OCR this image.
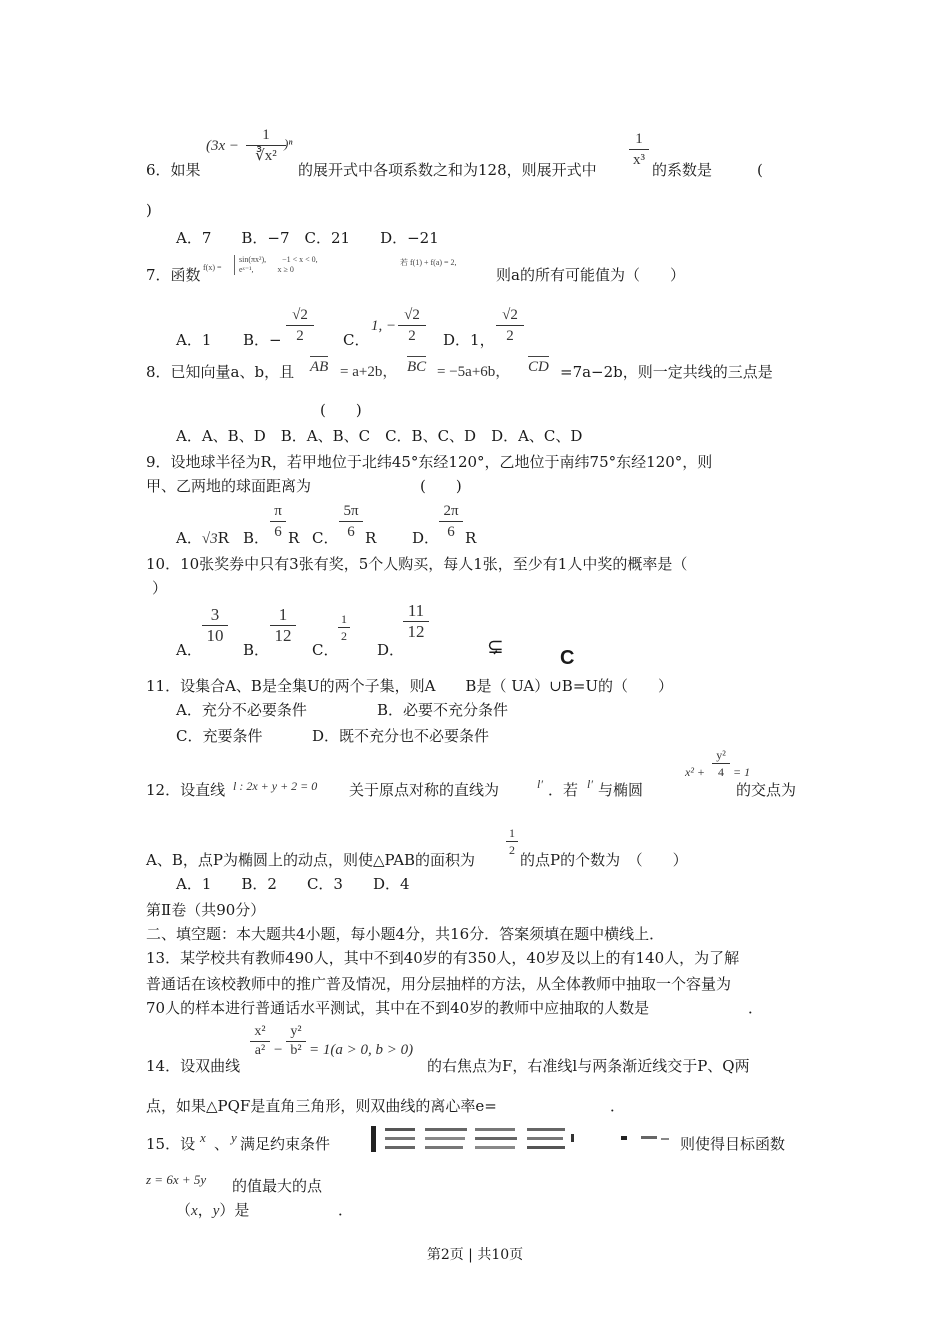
(3x −
1
∛x²
)ⁿ
6．如果	的展开式中各项系数之和为128，则展开式中
1
x³
的系数是	(
)
A．7　　B．−7　C．21　　D．−21
7．函数 f(x) =
sin(πx²),　　−1 < x < 0,
eˣ⁻¹,　　　x ≥ 0
若 f(1) + f(a) = 2,
则a的所有可能值为（　　）
A．1 B．−
√2
2	C．
1, −
√2
2	D．1，
√2
2
8．已知向量a、b，且 AB = a+2b， BC = −5a+6b， CD =7a−2b，则一定共线的三点是
(　　)
A．A、B、D　B．A、B、C　C．B、C、D　D．A、C、D
9．设地球半径为R，若甲地位于北纬45°东经120°，乙地位于南纬75°东经120°，则
甲、乙两地的球面距离为	(　　)
A．√3R B．
π
6 R C．
5π
6 R D．
2π
6 R
10．10张奖券中只有3张有奖，5个人购买，每人1张，至少有1人中奖的概率是（
）
A．
3
10
B．
1
12
C．
1
2
D．
11
12
⊊	C
11．设集合A、B是全集U的两个子集，则A　　B是（ UA）∪B=U的（　　）
A．充分不必要条件	B．必要不充分条件
C．充要条件	D．既不充分也不必要条件
12．设直线 l : 2x + y + 2 = 0 关于原点对称的直线为	l′ ．若 l′ 与椭圆
x² +
y²
4 = 1
的交点为
A、B，点P为椭圆上的动点，则使△PAB的面积为
1
2
的点P的个数为　（　　）
A．1　　B．2　　C．3　　D．4
第Ⅱ卷（共90分）
二、填空题：本大题共4小题，每小题4分，共16分．答案须填在题中横线上．
13．某学校共有教师490人，其中不到40岁的有350人，40岁及以上的有140人，为了解
普通话在该校教师中的推广普及情况，用分层抽样的方法，从全体教师中抽取一个容量为
70人的样本进行普通话水平测试，其中在不到40岁的教师中应抽取的人数是	．
14．设双曲线
x²
a² −
y²
b² = 1(a > 0, b > 0)
的右焦点为F，右准线l与两条渐近线交于P、Q两
点，如果△PQF是直角三角形，则双曲线的离心率e=	．
15．设 x 、 y 满足约束条件	则使得目标函数
z = 6x + 5y 的值最大的点
（x，y）是	．
第2页 | 共10页
